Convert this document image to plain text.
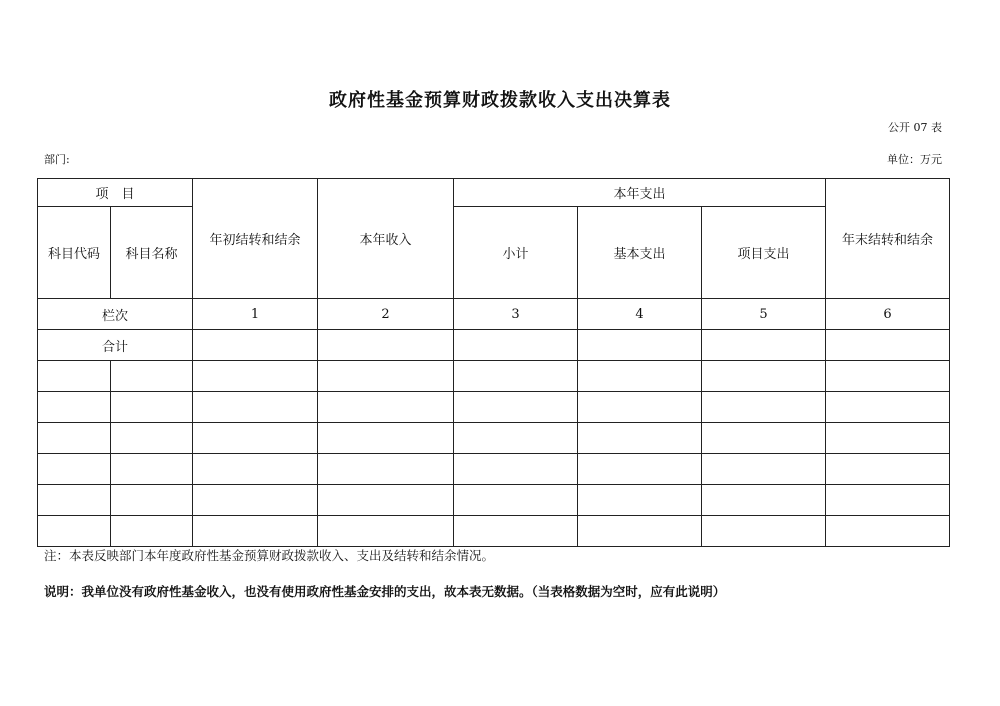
政府性基金预算财政拨款收入支出决算表
公开 07 表
部门:	单位：万元
项　目		年初结转和结余	本年收入	本年支出			年末结转和结余
科目代码	科目名称			小计	基本支出	项目支出	
栏次		1	2	3	4	5	6
合计							

注：本表反映部门本年度政府性基金预算财政拨款收入、支出及结转和结余情况。
说明：我单位没有政府性基金收入，也没有使用政府性基金安排的支出，故本表无数据。（当表格数据为空时，应有此说明）
